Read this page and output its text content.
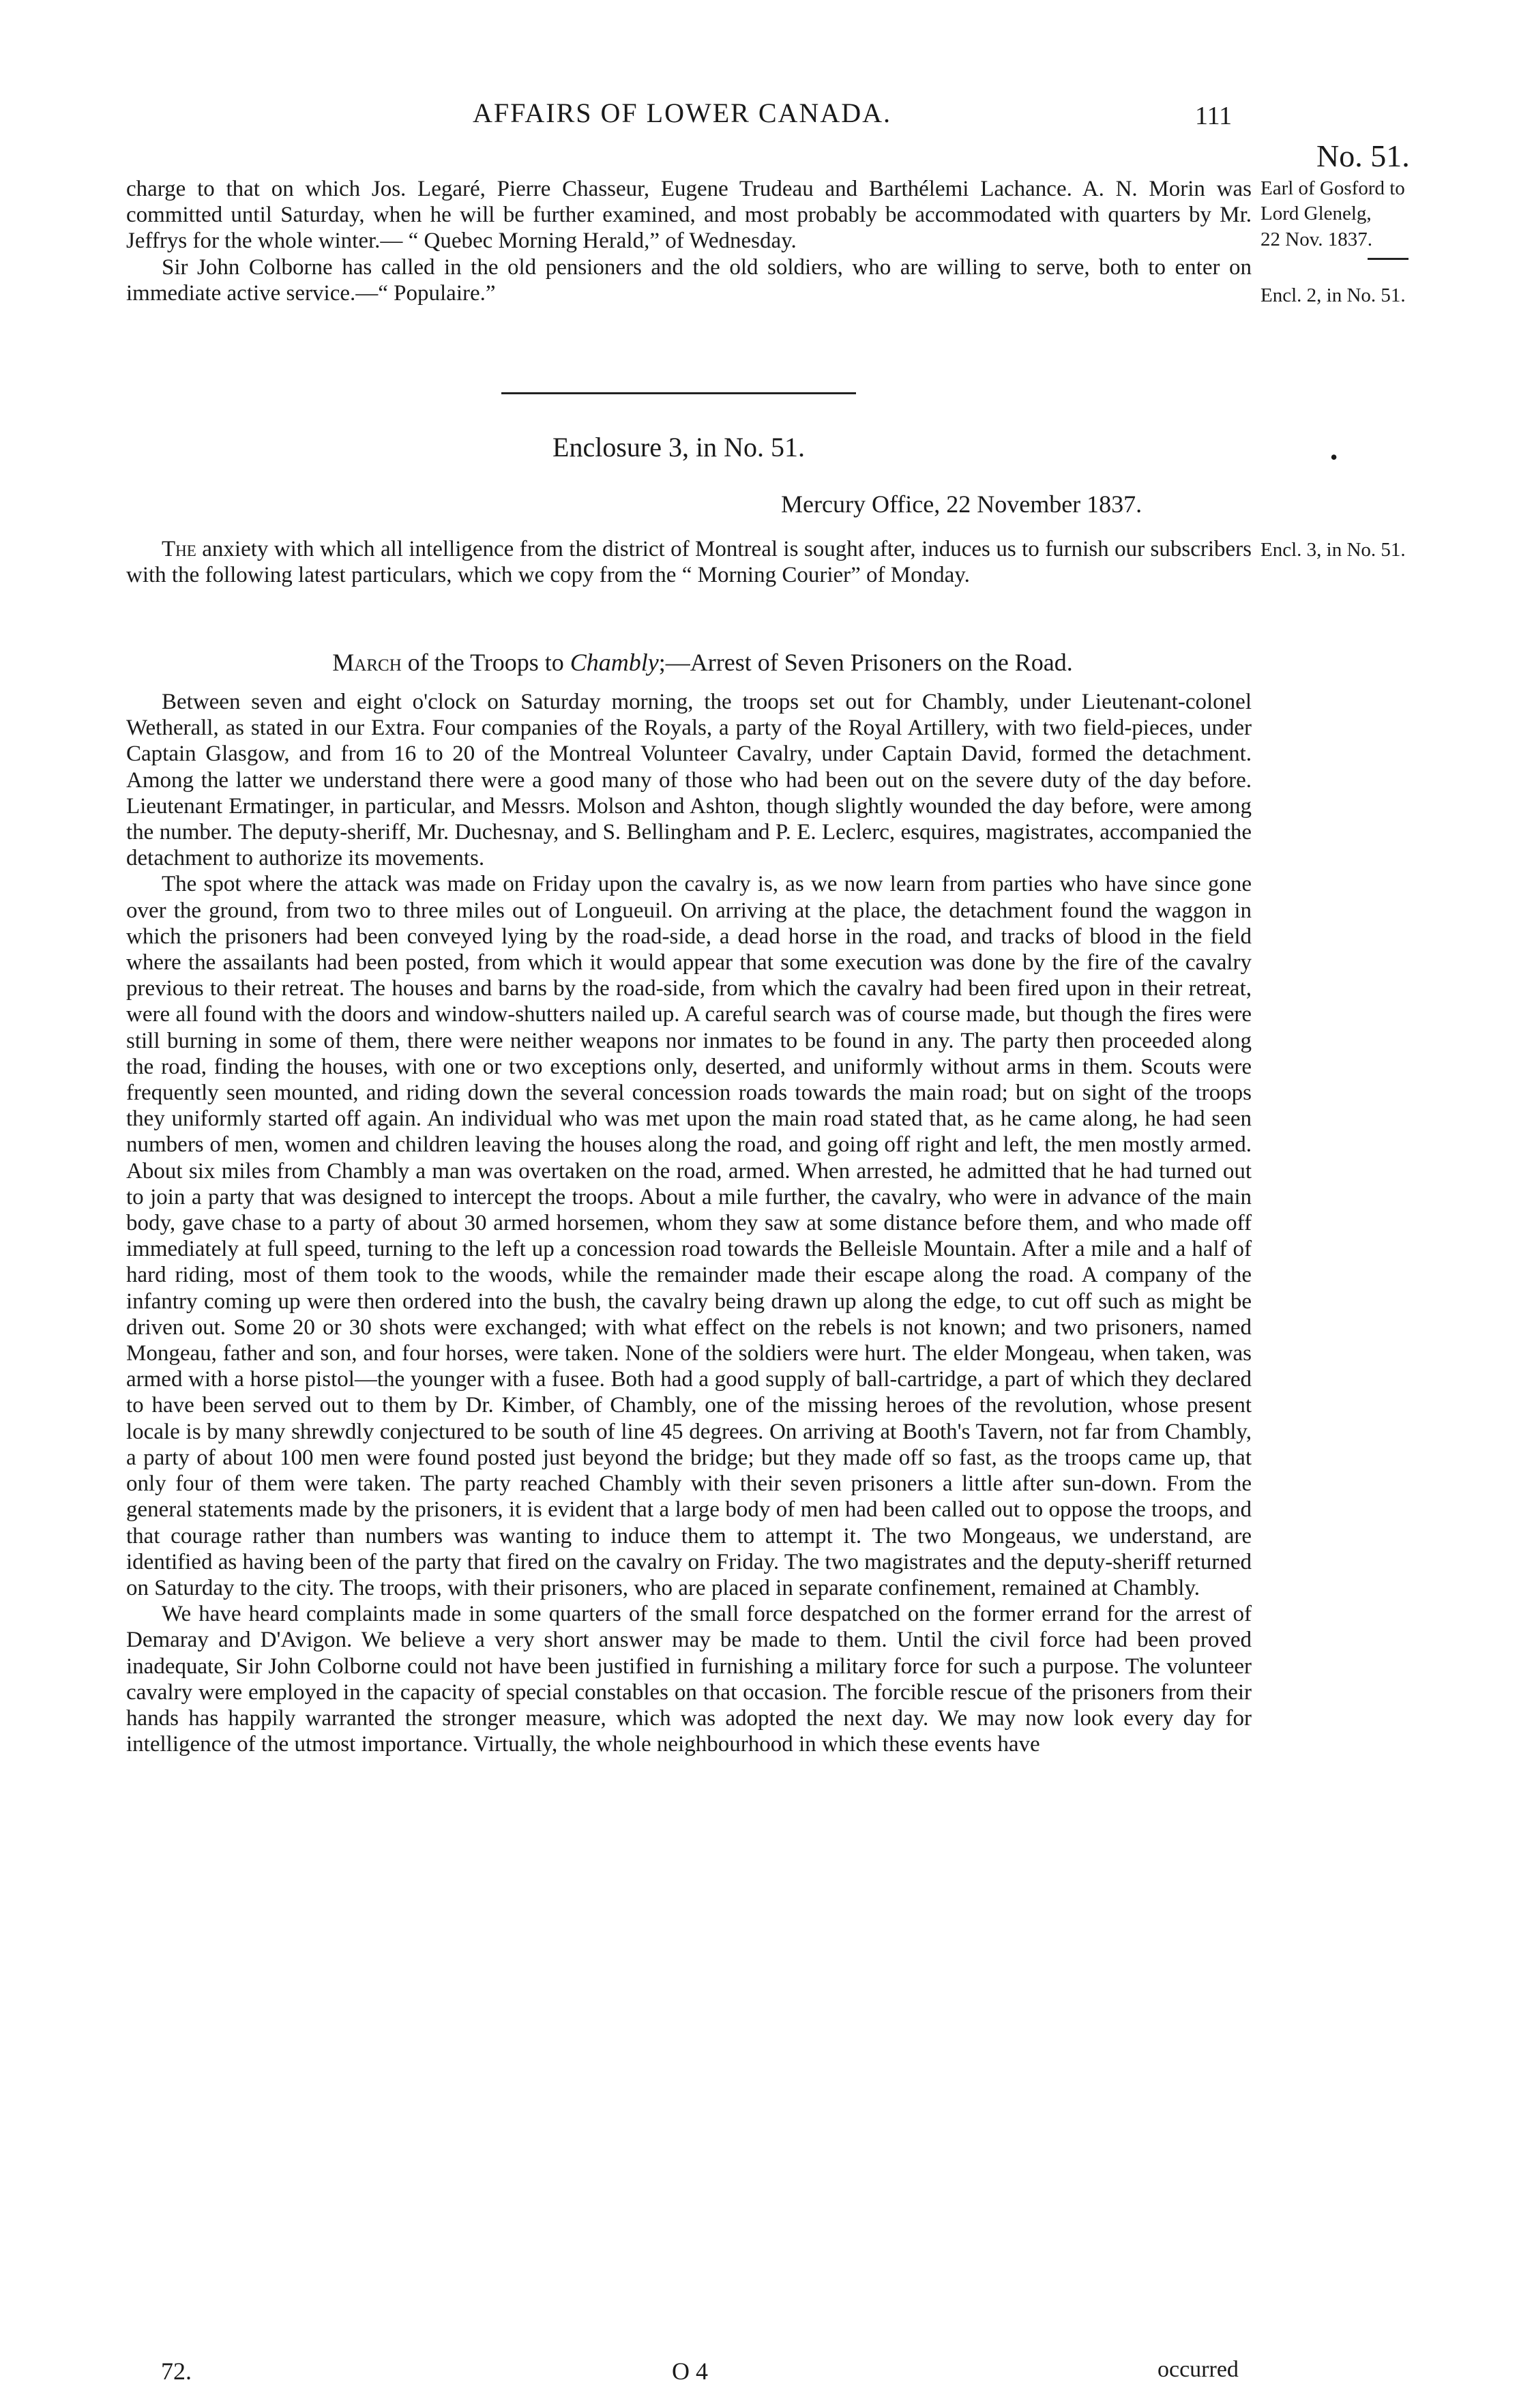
AFFAIRS OF LOWER CANADA.	111
No. 51.
Earl of Gosford to
Lord Glenelg,
22 Nov. 1837.
Encl. 2, in No. 51.
Encl. 3, in No. 51.

charge to that on which Jos. Legaré, Pierre Chasseur, Eugene Trudeau and Barthélemi Lachance. A. N. Morin was committed until Saturday, when he will be further examined, and most probably be accommodated with quarters by Mr. Jeffrys for the whole winter.— “ Quebec Morning Herald,” of Wednesday.

Sir John Colborne has called in the old pensioners and the old soldiers, who are willing to serve, both to enter on immediate active service.—“ Populaire.”

Enclosure 3, in No. 51.	•
Mercury Office, 22 November 1837.

The anxiety with which all intelligence from the district of Montreal is sought after, induces us to furnish our subscribers with the following latest particulars, which we copy from the “ Morning Courier” of Monday.

March of the Troops to Chambly;—Arrest of Seven Prisoners on the Road.

Between seven and eight o'clock on Saturday morning, the troops set out for Chambly, under Lieutenant-colonel Wetherall, as stated in our Extra. Four companies of the Royals, a party of the Royal Artillery, with two field-pieces, under Captain Glasgow, and from 16 to 20 of the Montreal Volunteer Cavalry, under Captain David, formed the detachment. Among the latter we understand there were a good many of those who had been out on the severe duty of the day before. Lieutenant Ermatinger, in particular, and Messrs. Molson and Ashton, though slightly wounded the day before, were among the number. The deputy-sheriff, Mr. Duchesnay, and S. Bellingham and P. E. Leclerc, esquires, magistrates, accompanied the detachment to authorize its movements.

The spot where the attack was made on Friday upon the cavalry is, as we now learn from parties who have since gone over the ground, from two to three miles out of Longueuil. On arriving at the place, the detachment found the waggon in which the prisoners had been conveyed lying by the road-side, a dead horse in the road, and tracks of blood in the field where the assailants had been posted, from which it would appear that some execution was done by the fire of the cavalry previous to their retreat. The houses and barns by the road-side, from which the cavalry had been fired upon in their retreat, were all found with the doors and window-shutters nailed up. A careful search was of course made, but though the fires were still burning in some of them, there were neither weapons nor inmates to be found in any. The party then proceeded along the road, finding the houses, with one or two exceptions only, deserted, and uniformly without arms in them. Scouts were frequently seen mounted, and riding down the several concession roads towards the main road; but on sight of the troops they uniformly started off again. An individual who was met upon the main road stated that, as he came along, he had seen numbers of men, women and children leaving the houses along the road, and going off right and left, the men mostly armed. About six miles from Chambly a man was overtaken on the road, armed. When arrested, he admitted that he had turned out to join a party that was designed to intercept the troops. About a mile further, the cavalry, who were in advance of the main body, gave chase to a party of about 30 armed horsemen, whom they saw at some distance before them, and who made off immediately at full speed, turning to the left up a concession road towards the Belleisle Mountain. After a mile and a half of hard riding, most of them took to the woods, while the remainder made their escape along the road. A company of the infantry coming up were then ordered into the bush, the cavalry being drawn up along the edge, to cut off such as might be driven out. Some 20 or 30 shots were exchanged; with what effect on the rebels is not known; and two prisoners, named Mongeau, father and son, and four horses, were taken. None of the soldiers were hurt. The elder Mongeau, when taken, was armed with a horse pistol—the younger with a fusee. Both had a good supply of ball-cartridge, a part of which they declared to have been served out to them by Dr. Kimber, of Chambly, one of the missing heroes of the revolution, whose present locale is by many shrewdly conjectured to be south of line 45 degrees. On arriving at Booth's Tavern, not far from Chambly, a party of about 100 men were found posted just beyond the bridge; but they made off so fast, as the troops came up, that only four of them were taken. The party reached Chambly with their seven prisoners a little after sun-down. From the general statements made by the prisoners, it is evident that a large body of men had been called out to oppose the troops, and that courage rather than numbers was wanting to induce them to attempt it. The two Mongeaus, we understand, are identified as having been of the party that fired on the cavalry on Friday. The two magistrates and the deputy-sheriff returned on Saturday to the city. The troops, with their prisoners, who are placed in separate confinement, remained at Chambly.

We have heard complaints made in some quarters of the small force despatched on the former errand for the arrest of Demaray and D'Avigon. We believe a very short answer may be made to them. Until the civil force had been proved inadequate, Sir John Colborne could not have been justified in furnishing a military force for such a purpose. The volunteer cavalry were employed in the capacity of special constables on that occasion. The forcible rescue of the prisoners from their hands has happily warranted the stronger measure, which was adopted the next day. We may now look every day for intelligence of the utmost importance. Virtually, the whole neighbourhood in which these events have

72.	O 4	occurred
